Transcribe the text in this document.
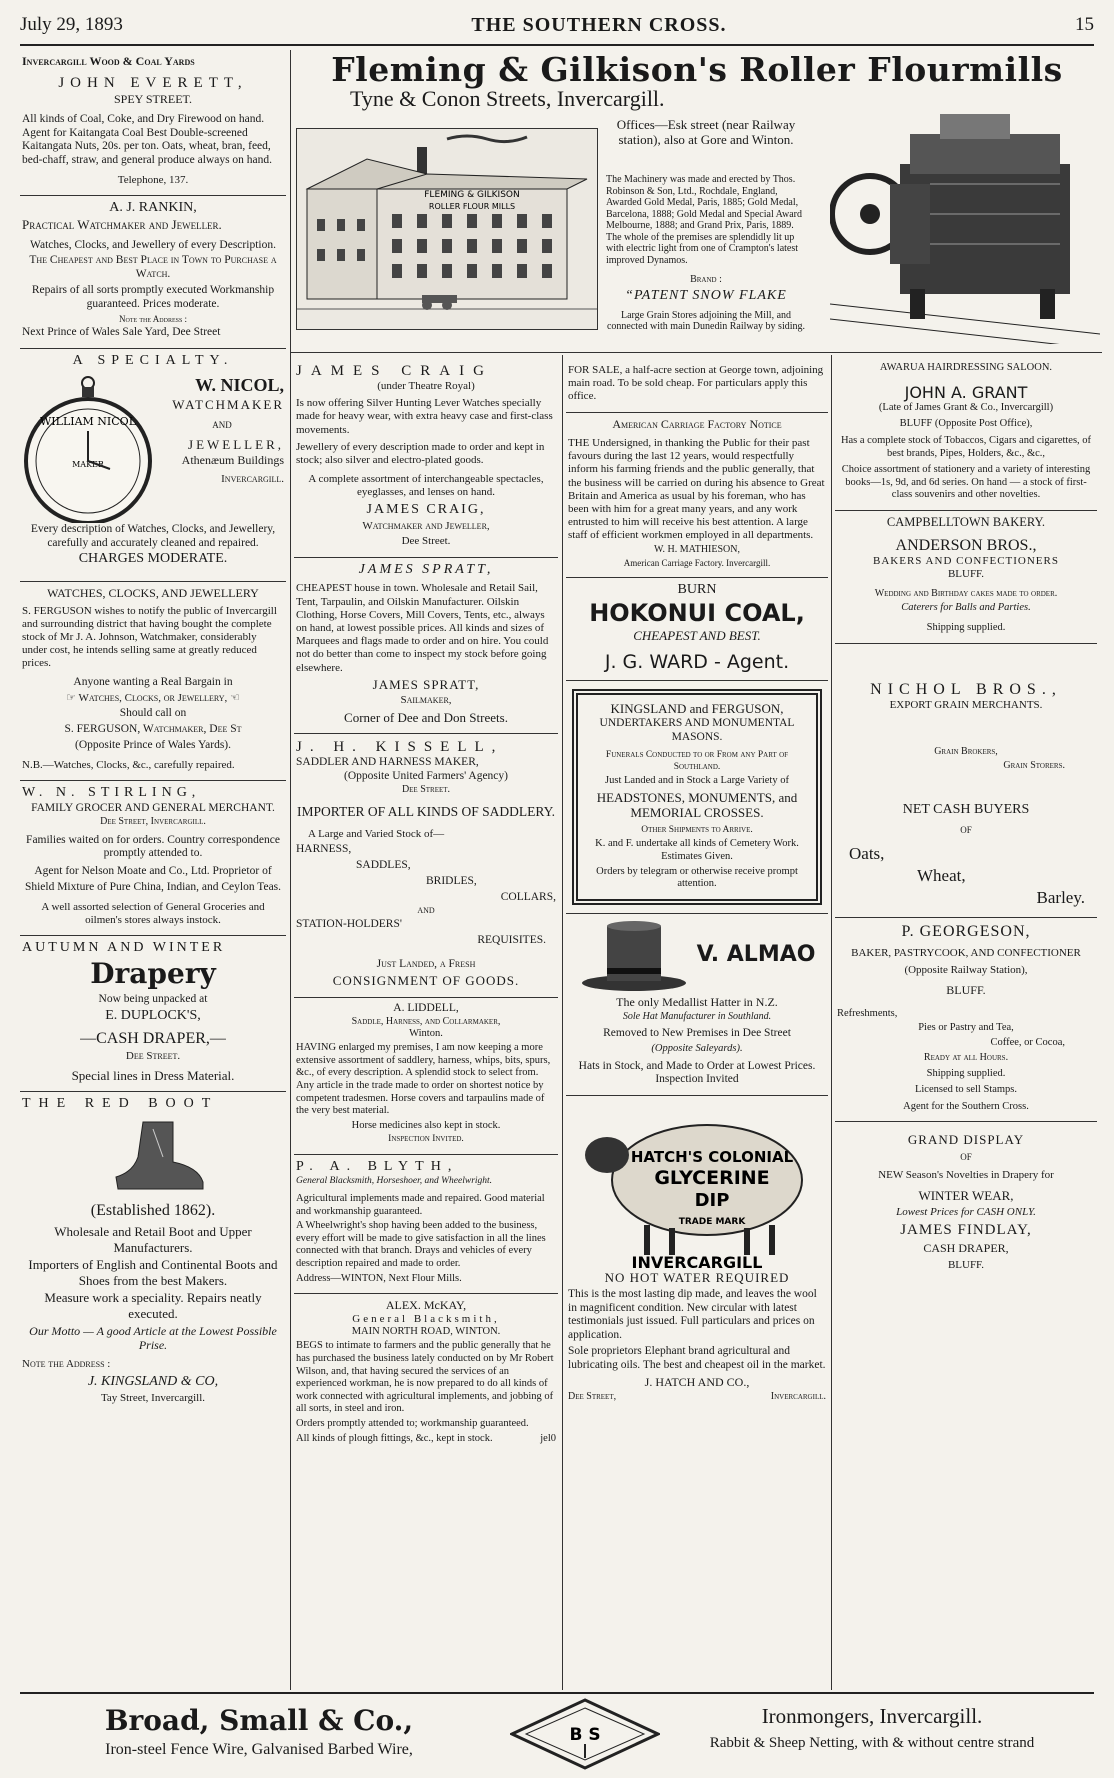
July 29, 1893	THE SOUTHERN CROSS.	15
Fleming & Gilkison's Roller Flourmills
Tyne & Conon Streets, Invercargill.
FLEMING & GILKISON
ROLLER FLOUR MILLS
Offices—Esk street (near Railway station), also at Gore and Winton.

The Machinery was made and erected by Thos. Robinson & Son, Ltd., Rochdale, England, Awarded Gold Medal, Paris, 1885; Gold Medal, Barcelona, 1888; Gold Medal and Special Award Melbourne, 1888; and Grand Prix, Paris, 1889. The whole of the premises are splendidly lit up with electric light from one of Crampton's latest improved Dynamos.

Brand :

“PATENT SNOW FLAKE

Large Grain Stores adjoining the Mill, and connected with main Dunedin Railway by siding.

Invercargill Wood & Coal Yards
JOHN EVERETT,
SPEY STREET.

All kinds of Coal, Coke, and Dry Firewood on hand. Agent for Kaitangata Coal Best Double-screened Kaitangata Nuts, 20s. per ton. Oats, wheat, bran, feed, bed-chaff, straw, and general produce always on hand.

Telephone, 137.

A. J. RANKIN,
Practical Watchmaker and Jeweller.

Watches, Clocks, and Jewellery of every Description.

The Cheapest and Best Place in Town to Purchase a Watch.

Repairs of all sorts promptly executed Workmanship guaranteed. Prices moderate.

Note the Address :

Next Prince of Wales Sale Yard, Dee Street

A SPECIALTY.
WILLIAM NICOL
MAKER
W. NICOL,
WATCHMAKER
AND
JEWELLER,
Athenæum Buildings
Invercargill.

Every description of Watches, Clocks, and Jewellery, carefully and accurately cleaned and repaired.

CHARGES MODERATE.
WATCHES, CLOCKS, AND JEWELLERY

S. FERGUSON wishes to notify the public of Invercargill and surrounding district that having bought the complete stock of Mr J. A. Johnson, Watchmaker, considerably under cost, he intends selling same at greatly reduced prices.

Anyone wanting a Real Bargain in

☞ Watches, Clocks, or Jewellery, ☜

Should call on

S. FERGUSON, Watchmaker, Dee St

(Opposite Prince of Wales Yards).

N.B.—Watches, Clocks, &c., carefully repaired.

W. N. STIRLING,
FAMILY GROCER AND GENERAL MERCHANT.
Dee Street, Invercargill.

Families waited on for orders. Country correspondence promptly attended to.

Agent for Nelson Moate and Co., Ltd. Proprietor of

Shield Mixture of Pure China, Indian, and Ceylon Teas.

A well assorted selection of General Groceries and oilmen's stores always instock.

AUTUMN AND WINTER
Drapery

Now being unpacked at

E. DUPLOCK'S,

—CASH DRAPER,—

Dee Street.

Special lines in Dress Material.

THE RED BOOT
(Established 1862).

Wholesale and Retail Boot and Upper Manufacturers.

Importers of English and Continental Boots and Shoes from the best Makers.

Measure work a speciality. Repairs neatly executed.

Our Motto — A good Article at the Lowest Possible Prise.

Note the Address :

J. KINGSLAND & CO,

Tay Street, Invercargill.

JAMES CRAIG
(under Theatre Royal)

Is now offering Silver Hunting Lever Watches specially made for heavy wear, with extra heavy case and first-class movements.

Jewellery of every description made to order and kept in stock; also silver and electro-plated goods.

A complete assortment of interchangeable spectacles, eyeglasses, and lenses on hand.

JAMES CRAIG,

Watchmaker and Jeweller,

Dee Street.

JAMES SPRATT,

CHEAPEST house in town. Wholesale and Retail Sail, Tent, Tarpaulin, and Oilskin Manufacturer. Oilskin Clothing, Horse Covers, Mill Covers, Tents, etc., always on hand, at lowest possible prices. All kinds and sizes of Marquees and flags made to order and on hire. You could not do better than come to inspect my stock before going elsewhere.

JAMES SPRATT,

Sailmaker,

Corner of Dee and Don Streets.

J. H. KISSELL,
SADDLER AND HARNESS MAKER,
(Opposite United Farmers' Agency)
Dee Street.
IMPORTER OF ALL KINDS OF SADDLERY.

A Large and Varied Stock of—

HARNESS,

SADDLES,

BRIDLES,

COLLARS,

AND

STATION-HOLDERS'

REQUISITES.

Just Landed, a Fresh

CONSIGNMENT OF GOODS.

A. LIDDELL,
Saddle, Harness, and Collarmaker,
Winton.

HAVING enlarged my premises, I am now keeping a more extensive assortment of saddlery, harness, whips, bits, spurs, &c., of every description. A splendid stock to select from. Any article in the trade made to order on shortest notice by competent tradesmen. Horse covers and tarpaulins made of the very best material.

Horse medicines also kept in stock.

Inspection Invited.

P. A. BLYTH,
General Blacksmith, Horseshoer, and Wheelwright.

Agricultural implements made and repaired. Good material and workmanship guaranteed.

A Wheelwright's shop having been added to the business, every effort will be made to give satisfaction in all the lines connected with that branch. Drays and vehicles of every description repaired and made to order.

Address—WINTON, Next Flour Mills.

ALEX. McKAY,
General Blacksmith,
MAIN NORTH ROAD, WINTON.

BEGS to intimate to farmers and the public generally that he has purchased the business lately conducted on by Mr Robert Wilson, and, that having secured the services of an experienced workman, he is now prepared to do all kinds of work connected with agricultural implements, and jobbing of all sorts, in steel and iron.

Orders promptly attended to; workmanship guaranteed.

All kinds of plough fittings, &c., kept in stock.	jel0

FOR SALE, a half-acre section at George town, adjoining main road. To be sold cheap. For particulars apply this office.

American Carriage Factory Notice

THE Undersigned, in thanking the Public for their past favours during the last 12 years, would respectfully inform his farming friends and the public generally, that the business will be carried on during his absence to Great Britain and America as usual by his foreman, who has been with him for a great many years, and any work entrusted to him will receive his best attention. A large staff of efficient workmen employed in all departments.

W. H. MATHIESON,

American Carriage Factory. Invercargill.

BURN
HOKONUI COAL,
CHEAPEST AND BEST.
J. G. WARD - Agent.
KINGSLAND and FERGUSON,
UNDERTAKERS AND MONUMENTAL MASONS.

Funerals Conducted to or From any Part of Southland.

Just Landed and in Stock a Large Variety of

HEADSTONES, MONUMENTS, and MEMORIAL CROSSES.

Other Shipments to Arrive.

K. and F. undertake all kinds of Cemetery Work. Estimates Given.

Orders by telegram or otherwise receive prompt attention.

V. ALMAO

The only Medallist Hatter in N.Z.

Sole Hat Manufacturer in Southland.

Removed to New Premises in Dee Street

(Opposite Saleyards).

Hats in Stock, and Made to Order at Lowest Prices. Inspection Invited

HATCH'S COLONIAL
GLYCERINE
DIP
TRADE MARK
INVERCARGILL
NO HOT WATER REQUIRED

This is the most lasting dip made, and leaves the wool in magnificent condition. New circular with latest testimonials just issued. Full particulars and prices on application.

Sole proprietors Elephant brand agricultural and lubricating oils. The best and cheapest oil in the market.

J. HATCH AND CO.,

Dee Street,	Invercargill.

AWARUA HAIRDRESSING SALOON.
JOHN A. GRANT
(Late of James Grant & Co., Invercargill)
BLUFF (Opposite Post Office),

Has a complete stock of Tobaccos, Cigars and cigarettes, of best brands, Pipes, Holders, &c., &c.,

Choice assortment of stationery and a variety of interesting books—1s, 9d, and 6d series. On hand — a stock of first-class souvenirs and other novelties.

CAMPBELLTOWN BAKERY.
ANDERSON BROS.,
BAKERS AND CONFECTIONERS
BLUFF.

Wedding and Birthday cakes made to order.

Caterers for Balls and Parties.

Shipping supplied.

NICHOL BROS.,
EXPORT GRAIN MERCHANTS.

Grain Brokers,

Grain Storers.

NET CASH BUYERS

OF

Oats,

Wheat,

Barley.

P. GEORGESON,
BAKER, PASTRYCOOK, AND CONFECTIONER
(Opposite Railway Station),
BLUFF.

Refreshments,

Pies or Pastry and Tea,

Coffee, or Cocoa,

Ready at all Hours.

Shipping supplied.

Licensed to sell Stamps.

Agent for the Southern Cross.

GRAND DISPLAY
OF

NEW Season's Novelties in Drapery for

WINTER WEAR,

Lowest Prices for CASH ONLY.

JAMES FINDLAY,

CASH DRAPER,

BLUFF.

Broad, Small & Co.,
Iron-steel Fence Wire, Galvanised Barbed Wire,
B S
Ironmongers, Invercargill.
Rabbit & Sheep Netting, with & without centre strand
